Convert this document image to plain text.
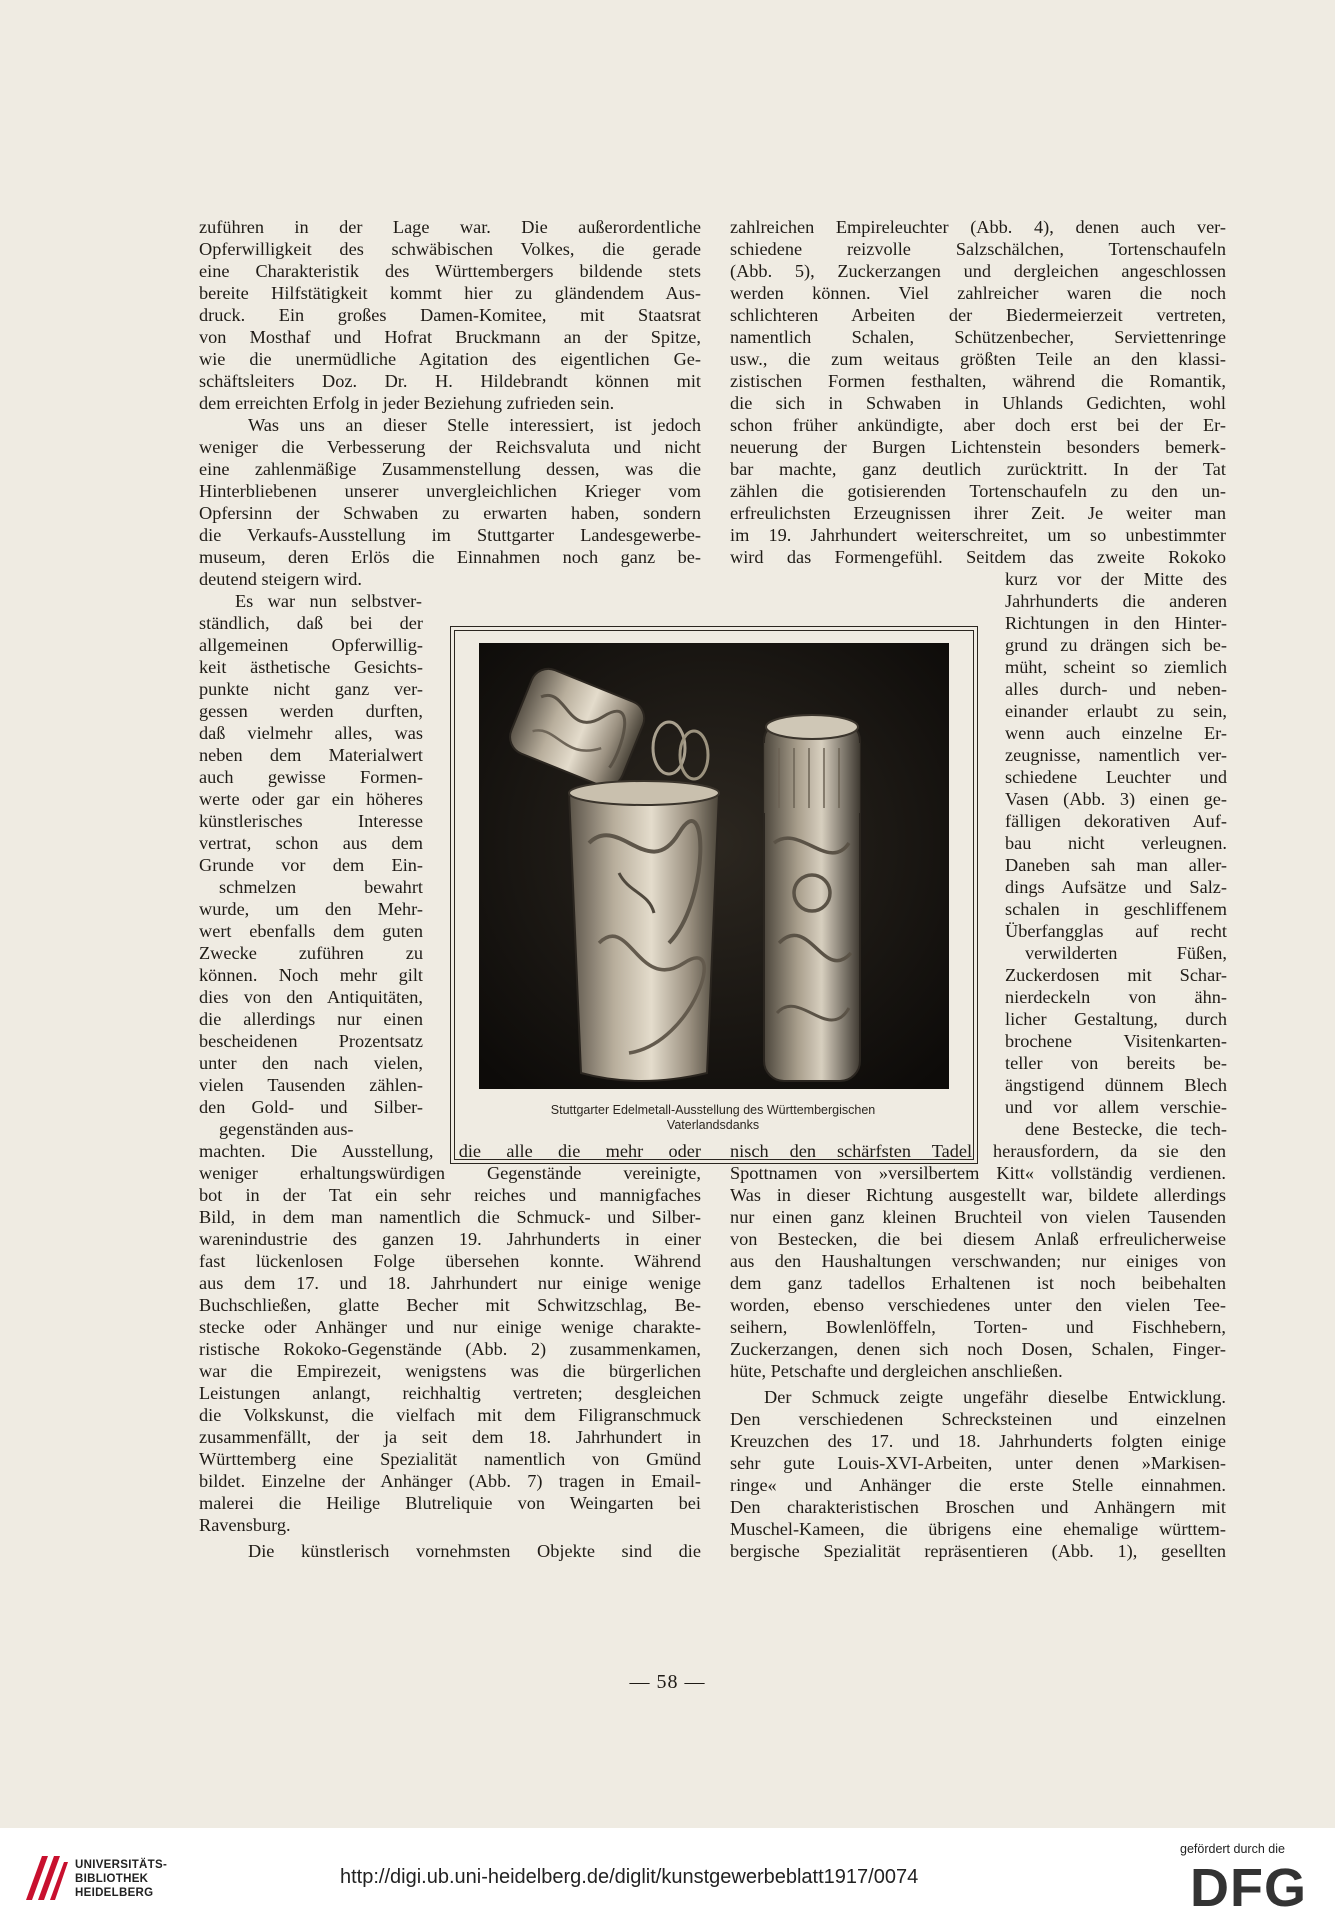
zuführen in der Lage war. Die außerordentliche
Opferwilligkeit des schwäbischen Volkes, die gerade
eine Charakteristik des Württembergers bildende stets
bereite Hilfstätigkeit kommt hier zu gländendem Aus-
druck. Ein großes Damen-Komitee, mit Staatsrat
von Mosthaf und Hofrat Bruckmann an der Spitze,
wie die unermüdliche Agitation des eigentlichen Ge-
schäftsleiters Doz. Dr. H. Hildebrandt können mit
dem erreichten Erfolg in jeder Beziehung zufrieden sein.
Was uns an dieser Stelle interessiert, ist jedoch
weniger die Verbesserung der Reichsvaluta und nicht
eine zahlenmäßige Zusammenstellung dessen, was die
Hinterbliebenen unserer unvergleichlichen Krieger vom
Opfersinn der Schwaben zu erwarten haben, sondern
die Verkaufs-Ausstellung im Stuttgarter Landesgewerbe-
museum, deren Erlös die Einnahmen noch ganz be-
deutend steigern wird.
Es war nun selbstver-
ständlich, daß bei der
allgemeinen Opferwillig-
keit ästhetische Gesichts-
punkte nicht ganz ver-
gessen werden durften,
daß vielmehr alles, was
neben dem Materialwert
auch gewisse Formen-
werte oder gar ein höheres
künstlerisches Interesse
vertrat, schon aus dem
Grunde vor dem Ein-
schmelzen bewahrt
wurde, um den Mehr-
wert ebenfalls dem guten
Zwecke zuführen zu
können. Noch mehr gilt
dies von den Antiquitäten,
die allerdings nur einen
bescheidenen Prozentsatz
unter den nach vielen,
vielen Tausenden zählen-
den Gold- und Silber-
gegenständen aus-
machten. Die Ausstellung, die alle die mehr oder
weniger erhaltungswürdigen Gegenstände vereinigte,
bot in der Tat ein sehr reiches und mannigfaches
Bild, in dem man namentlich die Schmuck- und Silber-
warenindustrie des ganzen 19. Jahrhunderts in einer
fast lückenlosen Folge übersehen konnte. Während
aus dem 17. und 18. Jahrhundert nur einige wenige
Buchschließen, glatte Becher mit Schwitzschlag, Be-
stecke oder Anhänger und nur einige wenige charakte-
ristische Rokoko-Gegenstände (Abb. 2) zusammenkamen,
war die Empirezeit, wenigstens was die bürgerlichen
Leistungen anlangt, reichhaltig vertreten; desgleichen
die Volkskunst, die vielfach mit dem Filigranschmuck
zusammenfällt, der ja seit dem 18. Jahrhundert in
Württemberg eine Spezialität namentlich von Gmünd
bildet. Einzelne der Anhänger (Abb. 7) tragen in Email-
malerei die Heilige Blutreliquie von Weingarten bei
Ravensburg.
Die künstlerisch vornehmsten Objekte sind die
zahlreichen Empireleuchter (Abb. 4), denen auch ver-
schiedene reizvolle Salzschälchen, Tortenschaufeln
(Abb. 5), Zuckerzangen und dergleichen angeschlossen
werden können. Viel zahlreicher waren die noch
schlichteren Arbeiten der Biedermeierzeit vertreten,
namentlich Schalen, Schützenbecher, Serviettenringe
usw., die zum weitaus größten Teile an den klassi-
zistischen Formen festhalten, während die Romantik,
die sich in Schwaben in Uhlands Gedichten, wohl
schon früher ankündigte, aber doch erst bei der Er-
neuerung der Burgen Lichtenstein besonders bemerk-
bar machte, ganz deutlich zurücktritt. In der Tat
zählen die gotisierenden Tortenschaufeln zu den un-
erfreulichsten Erzeugnissen ihrer Zeit. Je weiter man
im 19. Jahrhundert weiterschreitet, um so unbestimmter
wird das Formengefühl. Seitdem das zweite Rokoko
kurz vor der Mitte des
Jahrhunderts die anderen
Richtungen in den Hinter-
grund zu drängen sich be-
müht, scheint so ziemlich
alles durch- und neben-
einander erlaubt zu sein,
wenn auch einzelne Er-
zeugnisse, namentlich ver-
schiedene Leuchter und
Vasen (Abb. 3) einen ge-
fälligen dekorativen Auf-
bau nicht verleugnen.
Daneben sah man aller-
dings Aufsätze und Salz-
schalen in geschliffenem
Überfangglas auf recht
verwilderten Füßen,
Zuckerdosen mit Schar-
nierdeckeln von ähn-
licher Gestaltung, durch
brochene Visitenkarten-
teller von bereits be-
ängstigend dünnem Blech
und vor allem verschie-
dene Bestecke, die tech-
nisch den schärfsten Tadel herausfordern, da sie den
Spottnamen von »versilbertem Kitt« vollständig verdienen.
Was in dieser Richtung ausgestellt war, bildete allerdings
nur einen ganz kleinen Bruchteil von vielen Tausenden
von Bestecken, die bei diesem Anlaß erfreulicherweise
aus den Haushaltungen verschwanden; nur einiges von
dem ganz tadellos Erhaltenen ist noch beibehalten
worden, ebenso verschiedenes unter den vielen Tee-
seihern, Bowlenlöffeln, Torten- und Fischhebern,
Zuckerzangen, denen sich noch Dosen, Schalen, Finger-
hüte, Petschafte und dergleichen anschließen.
Der Schmuck zeigte ungefähr dieselbe Entwicklung.
Den verschiedenen Schrecksteinen und einzelnen
Kreuzchen des 17. und 18. Jahrhunderts folgten einige
sehr gute Louis-XVI-Arbeiten, unter denen »Markisen-
ringe« und Anhänger die erste Stelle einnahmen.
Den charakteristischen Broschen und Anhängern mit
Muschel-Kameen, die übrigens eine ehemalige württem-
bergische Spezialität repräsentieren (Abb. 1), gesellten
Stuttgarter Edelmetall-Ausstellung des Württembergischen
Vaterlandsdanks
— 58 —
UNIVERSITÄTS-
BIBLIOTHEK
HEIDELBERG
http://digi.ub.uni-heidelberg.de/diglit/kunstgewerbeblatt1917/0074
gefördert durch die
DFG
